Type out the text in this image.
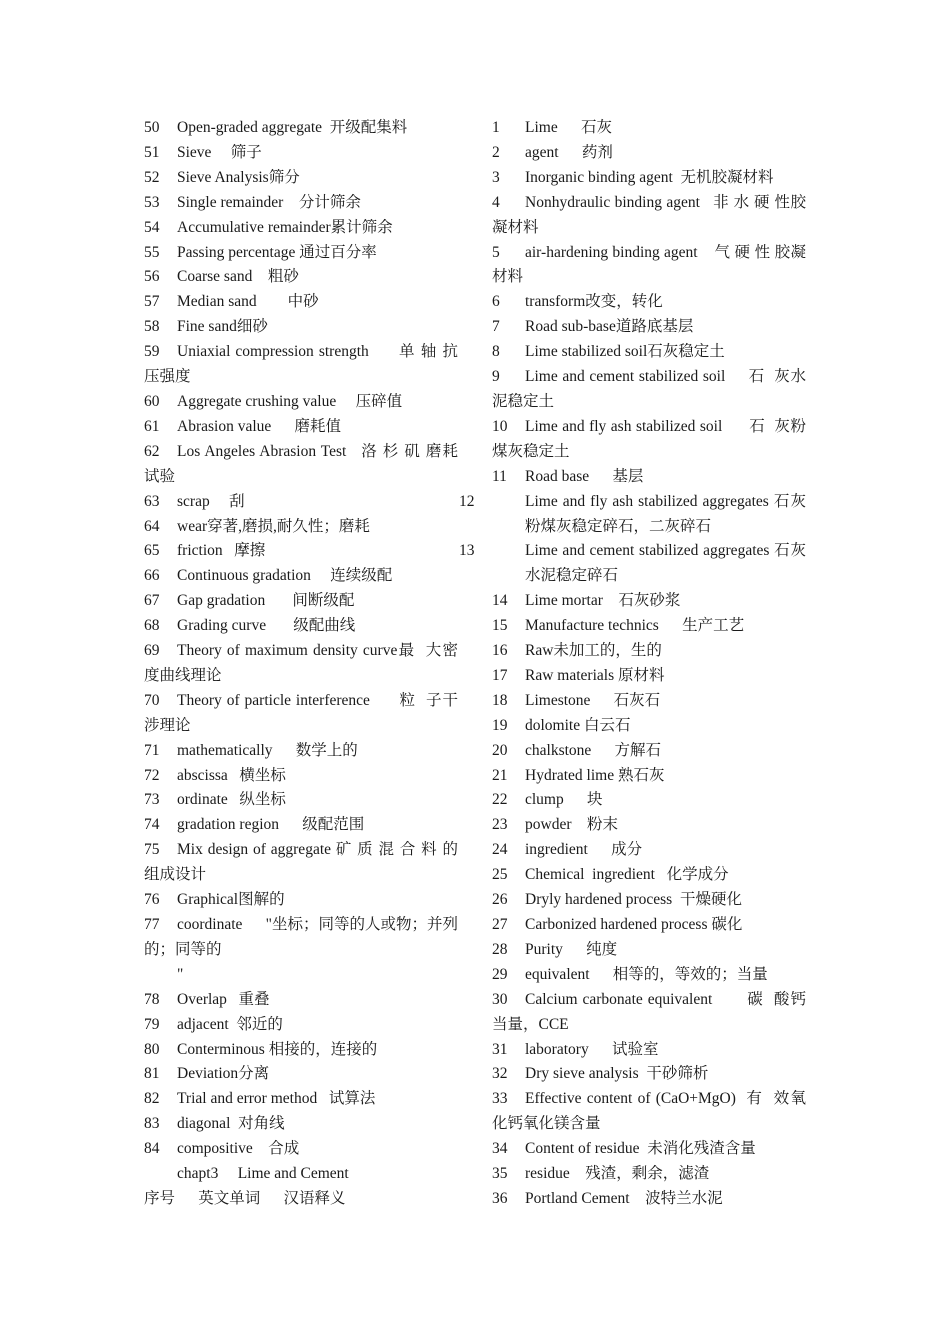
50 Open-graded aggregate  开级配集料
51 Sieve     筛子
52 Sieve Analysis筛分
53 Single remainder    分计筛余
54 Accumulative remainder累计筛余
55 Passing percentage 通过百分率
56 Coarse sand    粗砂
57 Median sand        中砂
58 Fine sand细砂
59 Uniaxial compression strength      单 轴 抗压强度
60 Aggregate crushing value     压碎值
61 Abrasion value      磨耗值
62 Los Angeles Abrasion Test   洛 杉 矶 磨耗试验
63 scrap     刮
64 wear穿著,磨损,耐久性；磨耗
65 friction   摩擦
66 Continuous gradation     连续级配
67 Gap gradation       间断级配
68 Grading curve       级配曲线
69 Theory of maximum density curve最  大密度曲线理论
70 Theory of particle interference      粒  子干涉理论
71 mathematically      数学上的
72 abscissa   横坐标
73 ordinate   纵坐标
74 gradation region      级配范围
75 Mix design of aggregate 矿 质 混 合 料 的组成设计
76 Graphical图解的
77 coordinate      "坐标；同等的人或物；并列的；同等的
"
78 Overlap   重叠
79 adjacent  邻近的
80 Conterminous 相接的，连接的
81 Deviation分离
82 Trial and error method   试算法
83 diagonal  对角线
84 compositive    合成
chapt3     Lime and Cement
序号      英文单词      汉语释义
1 Lime      石灰
2 agent      药剂
3 Inorganic binding agent  无机胶凝材料
4 Nonhydraulic binding agent   非 水 硬 性胶凝材料
5 air-hardening binding agent    气 硬 性 胶凝材料
6 transform改变，转化
7 Road sub-base道路底基层
8 Lime stabilized soil石灰稳定土
9 Lime and cement stabilized soil     石  灰水泥稳定土
10 Lime and fly ash stabilized soil      石  灰粉煤灰稳定土
11 Road base      基层
12	Lime and fly ash stabilized aggregates 石灰粉煤灰稳定碎石，二灰碎石
13	Lime and cement stabilized aggregates 石灰水泥稳定碎石
14 Lime mortar    石灰砂浆
15 Manufacture technics      生产工艺
16 Raw未加工的，生的
17 Raw materials 原材料
18 Limestone      石灰石
19 dolomite 白云石
20 chalkstone      方解石
21 Hydrated lime 熟石灰
22 clump      块
23 powder    粉末
24 ingredient      成分
25 Chemical  ingredient   化学成分
26 Dryly hardened process  干燥硬化
27 Carbonized hardened process 碳化
28 Purity      纯度
29 equivalent      相等的，等效的；当量
30 Calcium carbonate equivalent       碳  酸钙当量，CCE
31 laboratory      试验室
32 Dry sieve analysis  干砂筛析
33 Effective content of (CaO+MgO)  有  效氧化钙氧化镁含量
34 Content of residue  未消化残渣含量
35 residue    残渣，剩余，滤渣
36 Portland Cement    波特兰水泥
